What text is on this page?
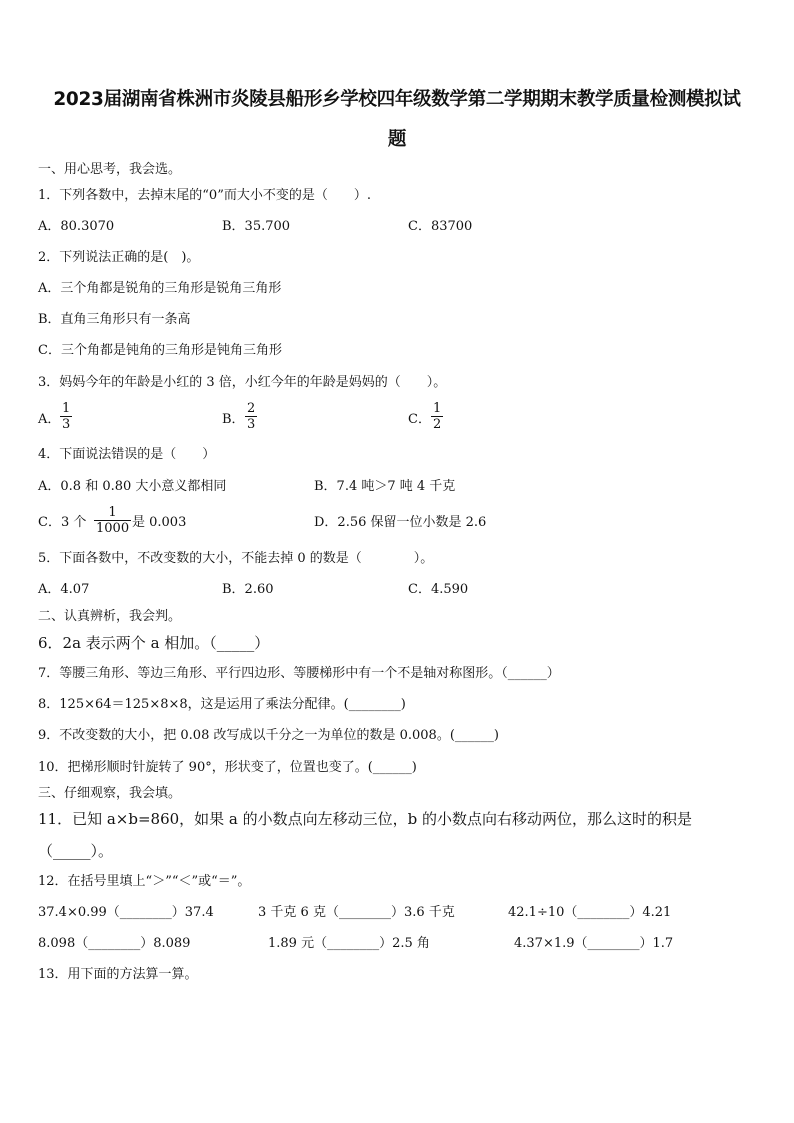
2023届湖南省株洲市炎陵县船形乡学校四年级数学第二学期期末教学质量检测模拟试
题
一、用心思考，我会选。
1．下列各数中，去掉末尾的“0”而大小不变的是（　　）.
A．80.3070	B．35.700	C．83700
2．下列说法正确的是(　)。
A．三个角都是锐角的三角形是锐角三角形
B．直角三角形只有一条高
C．三个角都是钝角的三角形是钝角三角形
3．妈妈今年的年龄是小红的 3 倍，小红今年的年龄是妈妈的（　　）。
A． $\frac{1}{3}$	B． $\frac{2}{3}$	C． $\frac{1}{2}$
4．下面说法错误的是（　　）
A．0.8 和 0.80 大小意义都相同	B．7.4 吨＞7 吨 4 千克
C．3 个 $\frac{1}{1000}$ 是 0.003	D．2.56 保留一位小数是 2.6
5．下面各数中，不改变数的大小，不能去掉 0 的数是（　　　　）。
A．4.07	B．2.60	C．4.590
二、认真辨析，我会判。
6．2a 表示两个 a 相加。（_____）
7．等腰三角形、等边三角形、平行四边形、等腰梯形中有一个不是轴对称图形。（______）
8．125×64＝125×8×8，这是运用了乘法分配律。(________)
9．不改变数的大小，把 0.08 改写成以千分之一为单位的数是 0.008。(______)
10．把梯形顺时针旋转了 90°，形状变了，位置也变了。(______)
三、仔细观察，我会填。
11．已知 a×b=860，如果 a 的小数点向左移动三位，b 的小数点向右移动两位，那么这时的积是
（_____）。
12．在括号里填上“＞”“＜”或“＝”。
37.4×0.99（________）37.4	3 千克 6 克（________）3.6 千克	42.1÷10（________）4.21
8.098（________）8.089	1.89 元（________）2.5 角	4.37×1.9（________）1.7
13．用下面的方法算一算。
